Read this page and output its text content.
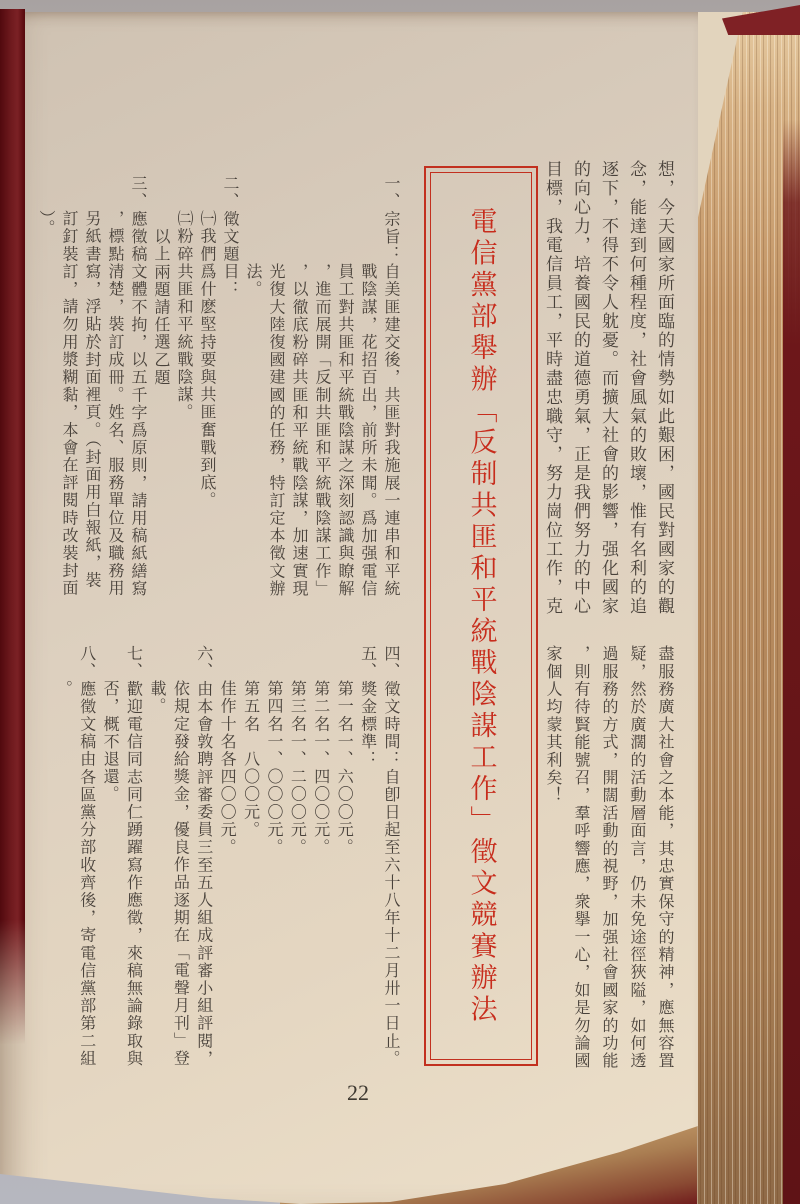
想，今天國家所面臨的情勢如此艱困，國民對國家的觀
念，能達到何種程度，社會風氣的敗壞，惟有名利的追
逐下，不得不令人躭憂。而擴大社會的影響，强化國家
的向心力，培養國民的道德勇氣，正是我們努力的中心
目標，我電信員工，平時盡忠職守，努力崗位工作，克
盡服務廣大社會之本能，其忠實保守的精神，應無容置
疑，然於廣濶的活動層面言，仍未免途徑狹隘，如何透
過服務的方式，開闊活動的視野，加强社會國家的功能
，則有待賢能號召，羣呼響應，衆擧一心，如是勿論國
家個人均蒙其利矣！
電信黨部舉辦「反制共匪和平統戰陰謀工作」徵文競賽辦法
一、宗旨：自美匪建交後，共匪對我施展一連串和平統
戰陰謀，花招百出，前所未聞。爲加强電信
員工對共匪和平統戰陰謀之深刻認識與瞭解
，進而展開「反制共匪和平統戰陰謀工作」
，以徹底粉碎共匪和平統戰陰謀，加速實現
光復大陸復國建國的任務，特訂定本徵文辦
法。
二、徵文題目：
㈠我們爲什麽堅持要與共匪奮戰到底。
㈡粉碎共匪和平統戰陰謀。
以上兩題請任選乙題
三、應徵稿文體不拘，以五千字爲原則，請用稿紙繕寫
，標點清楚，裝訂成冊。姓名、服務單位及職務用
另紙書寫，浮貼於封面裡頁。（封面用白報紙，裝
訂釘裝訂，請勿用漿糊黏，本會在評閱時改裝封面
）。
四、徵文時間：自卽日起至六十八年十二月卅一日止。
五、獎金標準：
第一名一、六〇〇元。
第二名一、四〇〇元。
第三名一、二〇〇元。
第四名一、〇〇〇元。
第五名　八〇〇元。
佳作十名各四〇〇元。
六、由本會敦聘評審委員三至五人組成評審小組評閱，
依規定發給獎金，優良作品逐期在「電聲月刊」登
載。
七、歡迎電信同志同仁踴躍寫作應徵，來稿無論錄取與
否，概不退還。
八、應徵文稿由各區黨分部收齊後，寄電信黨部第二組
。
22
